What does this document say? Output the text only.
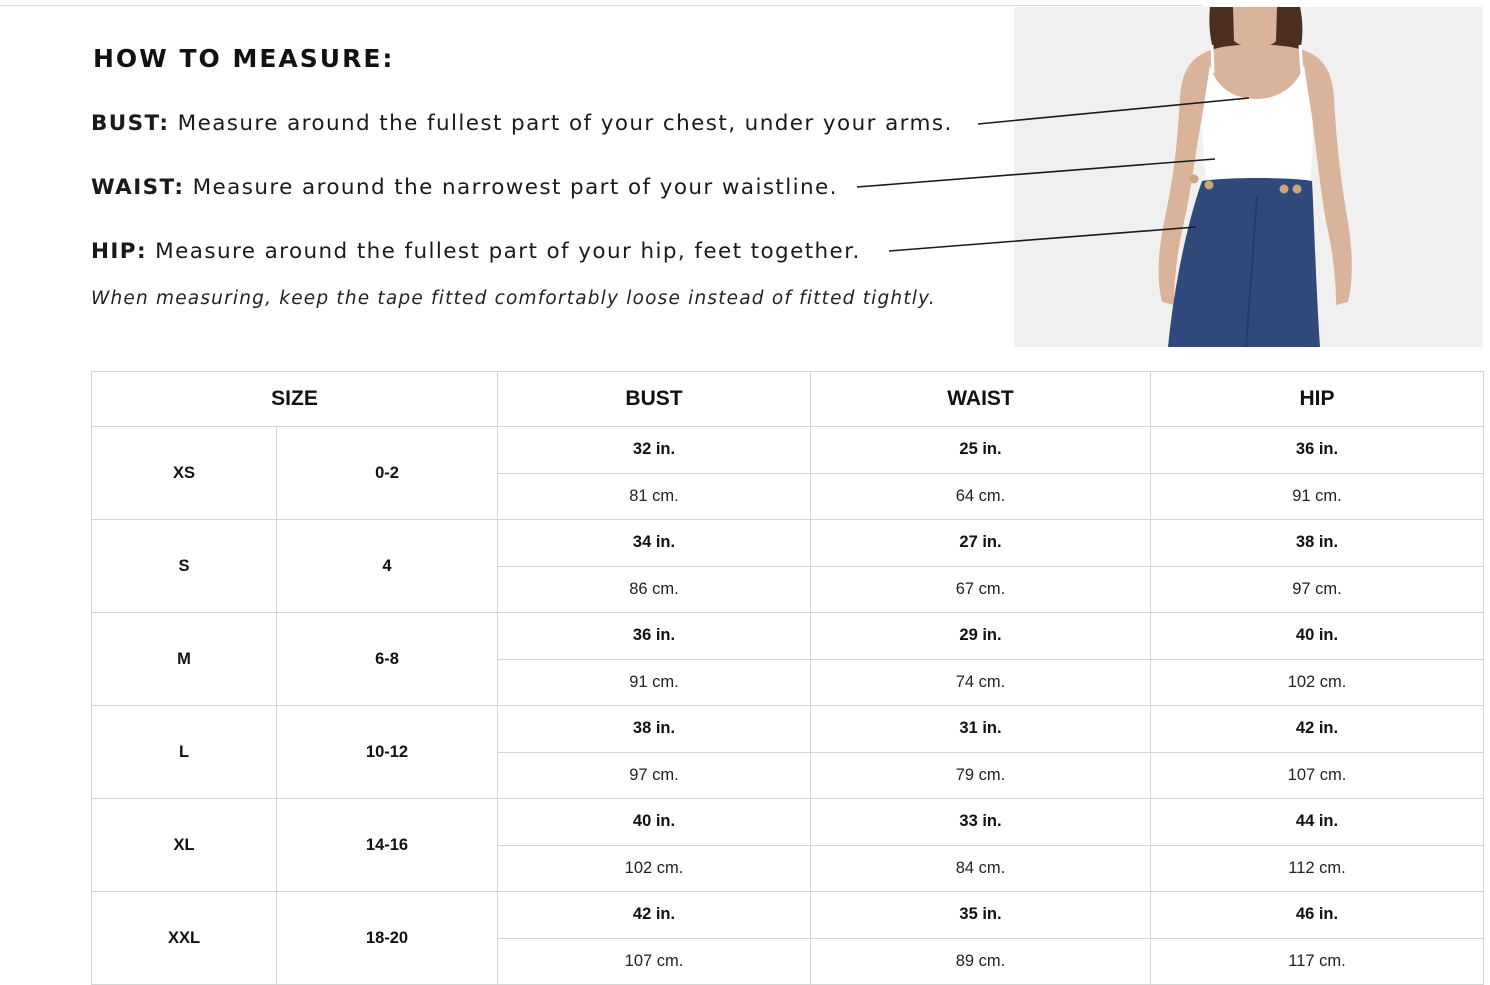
HOW TO MEASURE:

BUST: Measure around the fullest part of your chest, under your arms.

WAIST: Measure around the narrowest part of your waistline.

HIP: Measure around the fullest part of your hip, feet together.

When measuring, keep the tape fitted comfortably loose instead of fitted tightly.

SIZE		BUST	WAIST	HIP
XS	0-2	32 in.	25 in.	36 in.
		81 cm.	64 cm.	91 cm.
S	4	34 in.	27 in.	38 in.
		86 cm.	67 cm.	97 cm.
M	6-8	36 in.	29 in.	40 in.
		91 cm.	74 cm.	102 cm.
L	10-12	38 in.	31 in.	42 in.
		97 cm.	79 cm.	107 cm.
XL	14-16	40 in.	33 in.	44 in.
		102 cm.	84 cm.	112 cm.
XXL	18-20	42 in.	35 in.	46 in.
		107 cm.	89 cm.	117 cm.
